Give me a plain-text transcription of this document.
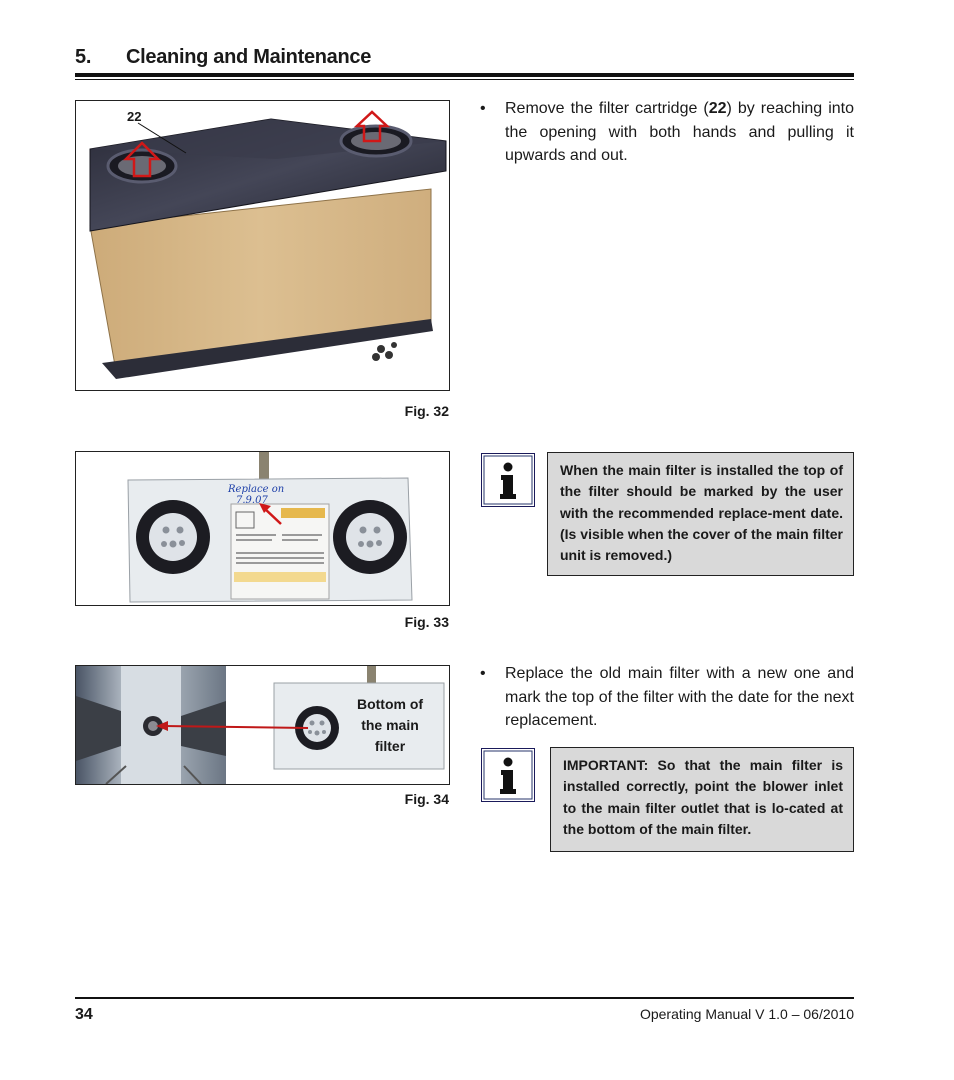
5. Cleaning and Maintenance
22
Fig. 32
• Remove the filter cartridge (22) by reaching into the opening with both hands and pulling it upwards and out.
Replace on
7.9.07
Fig. 33
When the main filter is installed the top of the filter should be marked by the user with the recommended replace-ment date. (Is visible when the cover of the main filter unit is removed.)
Bottom of
the main
filter
Fig. 34
• Replace the old main filter with a new one and mark the top of the filter with the date for the next replacement.
IMPORTANT: So that the main filter is installed correctly, point the blower inlet to the main filter outlet that is lo-cated at the bottom of the main filter.
34	Operating Manual V 1.0 – 06/2010
